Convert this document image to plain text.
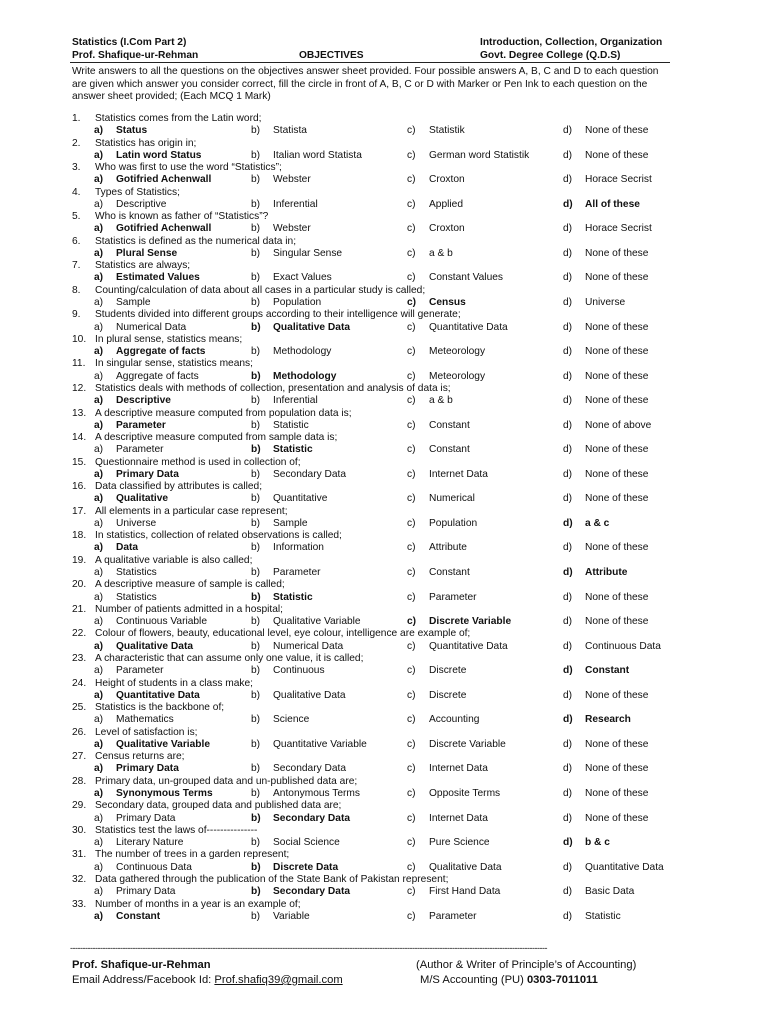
Statistics (I.Com Part 2)
Prof. Shafique-ur-Rehman	OBJECTIVES
Introduction, Collection, Organization
Govt. Degree College (Q.D.S)
Write answers to all the questions on the objectives answer sheet provided. Four possible answers A, B, C and D to each question are given which answer you consider correct, fill the circle in front of A, B, C or D with Marker or Pen Ink to each question on the answer sheet provided; (Each MCQ 1 Mark)
1. Statistics comes from the Latin word;
a) Status	b) Statista	c) Statistik	d) None of these
2. Statistics has origin in;
a) Latin word Status	b) Italian word Statista	c) German word Statistik	d) None of these
3. Who was first to use the word “Statistics”;
a) Gotifried Achenwall	b) Webster	c) Croxton	d) Horace Secrist
4. Types of Statistics;
a) Descriptive	b) Inferential	c) Applied	d) All of these
5. Who is known as father of “Statistics”?
a) Gotifried Achenwall	b) Webster	c) Croxton	d) Horace Secrist
6. Statistics is defined as the numerical data in;
a) Plural Sense	b) Singular Sense	c) a & b	d) None of these
7. Statistics are always;
a) Estimated Values	b) Exact Values	c) Constant Values	d) None of these
8. Counting/calculation of data about all cases in a particular study is called;
a) Sample	b) Population	c) Census	d) Universe
9. Students divided into different groups according to their intelligence will generate;
a) Numerical Data	b) Qualitative Data	c) Quantitative Data	d) None of these
10. In plural sense, statistics means;
a) Aggregate of facts	b) Methodology	c) Meteorology	d) None of these
11. In singular sense, statistics means;
a) Aggregate of facts	b) Methodology	c) Meteorology	d) None of these
12. Statistics deals with methods of collection, presentation and analysis of data is;
a) Descriptive	b) Inferential	c) a & b	d) None of these
13. A descriptive measure computed from population data is;
a) Parameter	b) Statistic	c) Constant	d) None of above
14. A descriptive measure computed from sample data is;
a) Parameter	b) Statistic	c) Constant	d) None of these
15. Questionnaire method is used in collection of;
a) Primary Data	b) Secondary Data	c) Internet Data	d) None of these
16. Data classified by attributes is called;
a) Qualitative	b) Quantitative	c) Numerical	d) None of these
17. All elements in a particular case represent;
a) Universe	b) Sample	c) Population	d) a & c
18. In statistics, collection of related observations is called;
a) Data	b) Information	c) Attribute	d) None of these
19. A qualitative variable is also called;
a) Statistics	b) Parameter	c) Constant	d) Attribute
20. A descriptive measure of sample is called;
a) Statistics	b) Statistic	c) Parameter	d) None of these
21. Number of patients admitted in a hospital;
a) Continuous Variable	b) Qualitative Variable	c) Discrete Variable	d) None of these
22. Colour of flowers, beauty, educational level, eye colour, intelligence are example of;
a) Qualitative Data	b) Numerical Data	c) Quantitative Data	d) Continuous Data
23. A characteristic that can assume only one value, it is called;
a) Parameter	b) Continuous	c) Discrete	d) Constant
24. Height of students in a class make;
a) Quantitative Data	b) Qualitative Data	c) Discrete	d) None of these
25. Statistics is the backbone of;
a) Mathematics	b) Science	c) Accounting	d) Research
26. Level of satisfaction is;
a) Qualitative Variable	b) Quantitative Variable	c) Discrete Variable	d) None of these
27. Census returns are;
a) Primary Data	b) Secondary Data	c) Internet Data	d) None of these
28. Primary data, un-grouped data and un-published data are;
a) Synonymous Terms	b) Antonymous Terms	c) Opposite Terms	d) None of these
29. Secondary data, grouped data and published data are;
a) Primary Data	b) Secondary Data	c) Internet Data	d) None of these
30. Statistics test the laws of---------------
a) Literary Nature	b) Social Science	c) Pure Science	d) b & c
31. The number of trees in a garden represent;
a) Continuous Data	b) Discrete Data	c) Qualitative Data	d) Quantitative Data
32. Data gathered through the publication of the State Bank of Pakistan represent;
a) Primary Data	b) Secondary Data	c) First Hand Data	d) Basic Data
33. Number of months in a year is an example of;
a) Constant	b) Variable	c) Parameter	d) Statistic
-----------------------------------------------------------------------------------------------------------------------------------------------------------------------------------------------
Prof. Shafique-ur-Rehman	(Author & Writer of Principle’s of Accounting)
Email Address/Facebook Id: Prof.shafiq39@gmail.com	M/S Accounting (PU) 0303-7011011
